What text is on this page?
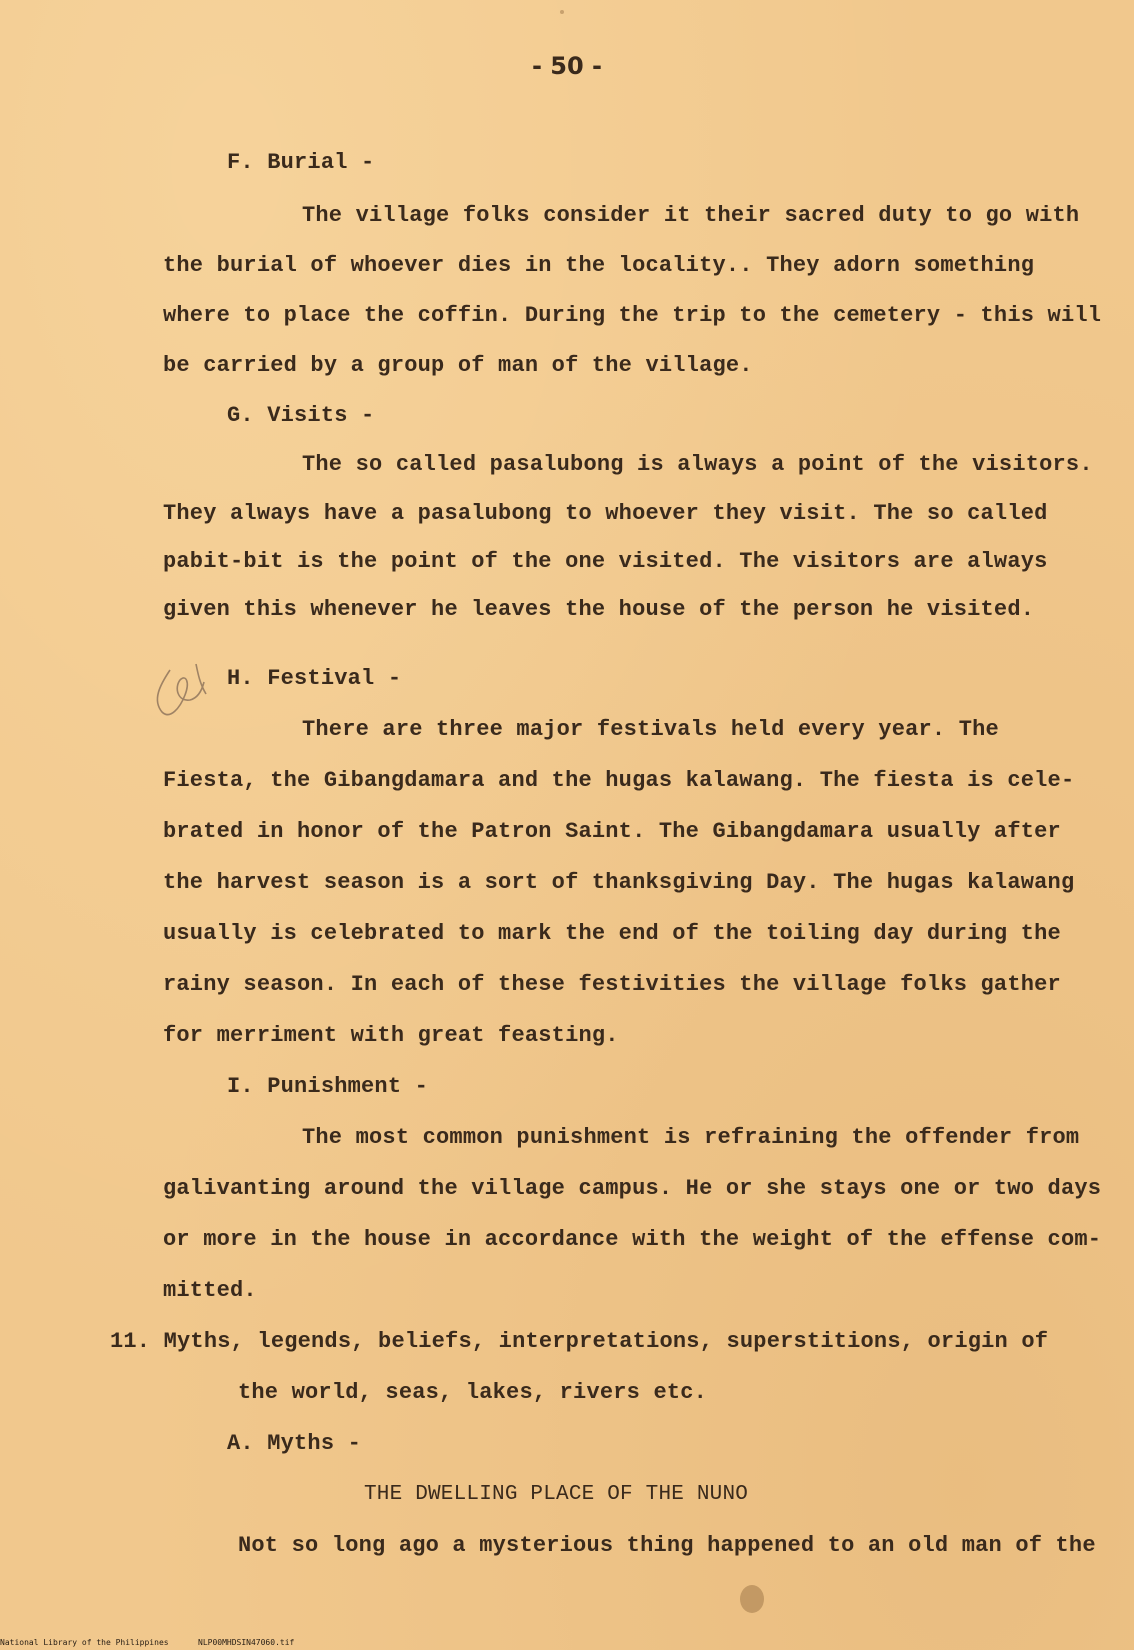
- 50 -
F. Burial -
The village folks consider it their sacred duty to go with
the burial of whoever dies in the locality.. They adorn something
where to place the coffin. During the trip to the cemetery - this will
be carried by a group of man of the village.
G. Visits -
The so called pasalubong is always a point of the visitors.
They always have a pasalubong to whoever they visit. The so called
pabit-bit is the point of the one visited. The visitors are always
given this whenever he leaves the house of the person he visited.
H. Festival -
There are three major festivals held every year. The
Fiesta, the Gibangdamara and the hugas kalawang. The fiesta is cele-
brated in honor of the Patron Saint. The Gibangdamara usually after
the harvest season is a sort of thanksgiving Day. The hugas kalawang
usually is celebrated to mark the end of the toiling day during the
rainy season. In each of these festivities the village folks gather
for merriment with great feasting.
I. Punishment -
The most common punishment is refraining the offender from
galivanting around the village campus. He or she stays one or two days
or more in the house in accordance with the weight of the effense com-
mitted.
11. Myths, legends, beliefs, interpretations, superstitions, origin of
the world, seas, lakes, rivers etc.
A. Myths -
THE DWELLING PLACE OF THE NUNO
Not so long ago a mysterious thing happened to an old man of the
National Library of the Philippines	NLP00MHDSIN47060.tif
